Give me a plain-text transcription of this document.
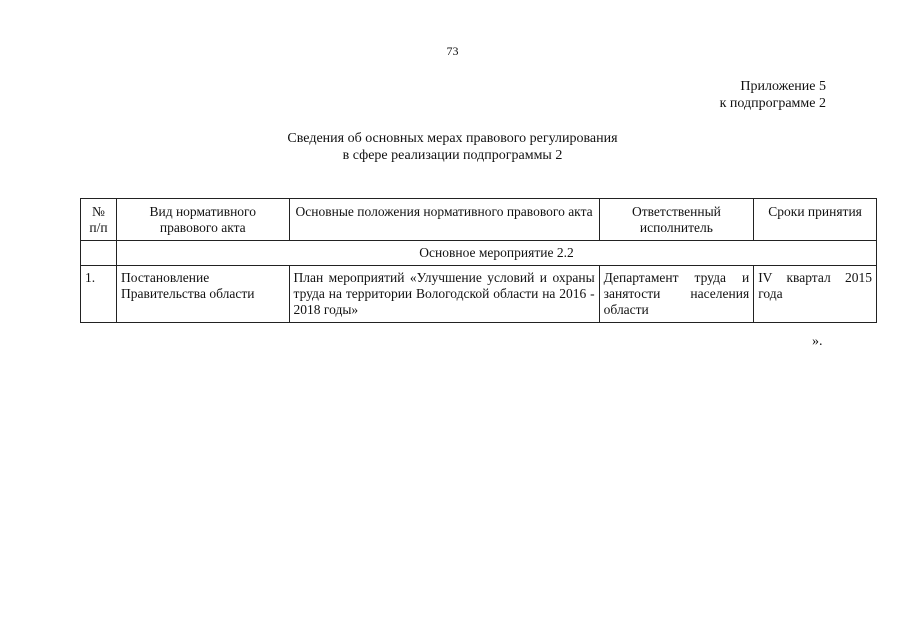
73
Приложение 5
к подпрограмме 2
Сведения об основных мерах правового регулирования
в сфере реализации подпрограммы 2
№ п/п	Вид нормативного правового акта	Основные положения нормативного правового акта	Ответственный исполнитель	Сроки принятия
	Основное мероприятие 2.2			
1.	Постановление Правительства области	План мероприятий «Улучшение условий и охраны труда на территории Вологодской области на 2016 - 2018 годы»	Департамент труда и занятости населения области	IV квартал 2015 года
».
